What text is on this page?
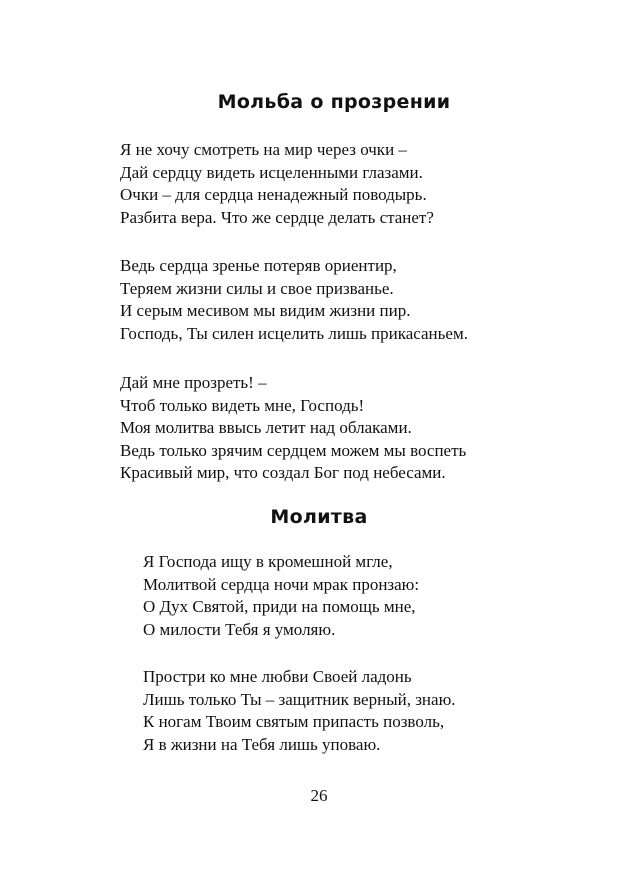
Мольба о прозрении

Я не хочу смотреть на мир через очки –
Дай сердцу видеть исцеленными глазами.
Очки – для сердца ненадежный поводырь.
Разбита вера. Что же сердце делать станет?

Ведь сердца зренье потеряв ориентир,
Теряем жизни силы и свое призванье.
И серым месивом мы видим жизни пир.
Господь, Ты силен исцелить лишь прикасаньем.

Дай мне прозреть! –
Чтоб только видеть мне, Господь!
Моя молитва ввысь летит над облаками.
Ведь только зрячим сердцем можем мы воспеть
Красивый мир, что создал Бог под небесами.

Молитва

Я Господа ищу в кромешной мгле,
Молитвой сердца ночи мрак пронзаю:
О Дух Святой, приди на помощь мне,
О милости Тебя я умоляю.

Простри ко мне любви Своей ладонь
Лишь только Ты – защитник верный, знаю.
К ногам Твоим святым припасть позволь,
Я в жизни на Тебя лишь уповаю.

26
